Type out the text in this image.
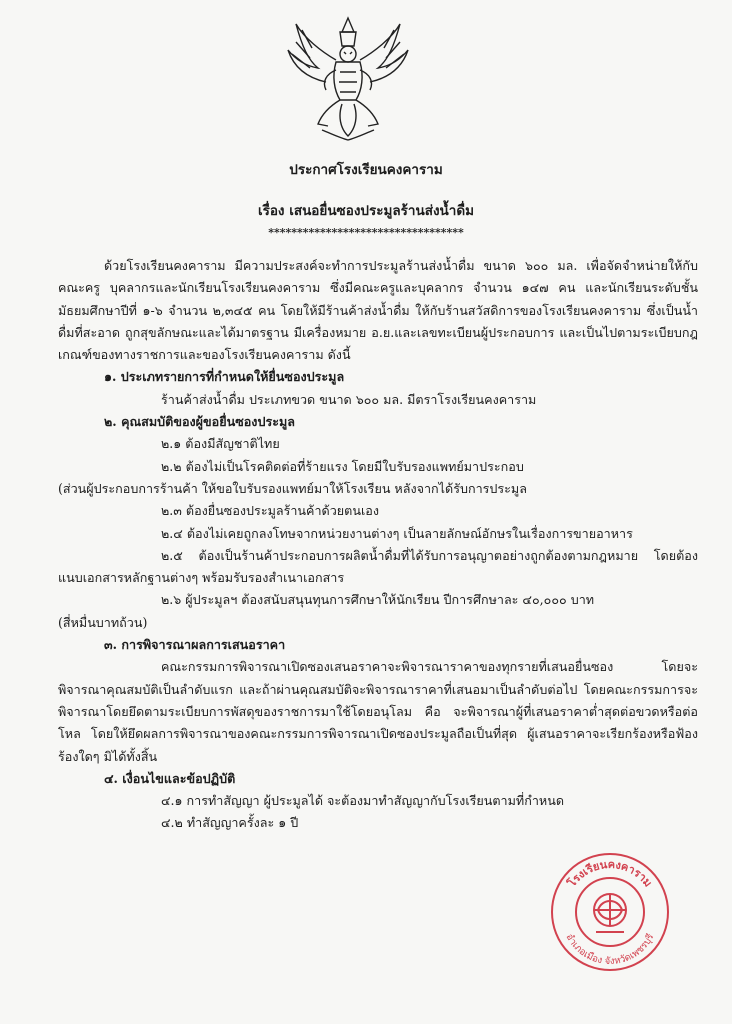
ประกาศโรงเรียนคงคาราม
เรื่อง เสนอยื่นซองประมูลร้านส่งน้ำดื่ม
**********************************

ด้วยโรงเรียนคงคาราม มีความประสงค์จะทำการประมูลร้านส่งน้ำดื่ม ขนาด ๖๐๐ มล. เพื่อจัดจำหน่ายให้กับคณะครู บุคลากรและนักเรียนโรงเรียนคงคาราม ซึ่งมีคณะครูและบุคลากร จำนวน ๑๔๗ คน และนักเรียนระดับชั้นมัธยมศึกษาปีที่ ๑-๖ จำนวน ๒,๓๔๕ คน โดยให้มีร้านค้าส่งน้ำดื่ม ให้กับร้านสวัสดิการของโรงเรียนคงคาราม ซึ่งเป็นน้ำดื่มที่สะอาด ถูกสุขลักษณะและได้มาตรฐาน มีเครื่องหมาย อ.ย.และเลขทะเบียนผู้ประกอบการ และเป็นไปตามระเบียบกฎเกณฑ์ของทางราชการและของโรงเรียนคงคาราม ดังนี้

๑. ประเภทรายการที่กำหนดให้ยื่นซองประมูล

ร้านค้าส่งน้ำดื่ม ประเภทขวด ขนาด ๖๐๐ มล. มีตราโรงเรียนคงคาราม

๒. คุณสมบัติของผู้ขอยื่นซองประมูล

๒.๑ ต้องมีสัญชาติไทย

๒.๒ ต้องไม่เป็นโรคติดต่อที่ร้ายแรง โดยมีใบรับรองแพทย์มาประกอบ

(ส่วนผู้ประกอบการร้านค้า ให้ขอใบรับรองแพทย์มาให้โรงเรียน หลังจากได้รับการประมูล

๒.๓ ต้องยื่นซองประมูลร้านค้าด้วยตนเอง

๒.๔ ต้องไม่เคยถูกลงโทษจากหน่วยงานต่างๆ เป็นลายลักษณ์อักษรในเรื่องการขายอาหาร

๒.๕ ต้องเป็นร้านค้าประกอบการผลิตน้ำดื่มที่ได้รับการอนุญาตอย่างถูกต้องตามกฎหมาย โดยต้องแนบเอกสารหลักฐานต่างๆ พร้อมรับรองสำเนาเอกสาร

๒.๖ ผู้ประมูลฯ ต้องสนับสนุนทุนการศึกษาให้นักเรียน ปีการศึกษาละ ๔๐,๐๐๐ บาท

(สี่หมื่นบาทถ้วน)

๓. การพิจารณาผลการเสนอราคา

คณะกรรมการพิจารณาเปิดซองเสนอราคาจะพิจารณาราคาของทุกรายที่เสนอยื่นซอง โดยจะพิจารณาคุณสมบัติเป็นลำดับแรก และถ้าผ่านคุณสมบัติจะพิจารณาราคาที่เสนอมาเป็นลำดับต่อไป โดยคณะกรรมการจะพิจารณาโดยยึดตามระเบียบการพัสดุของราชการมาใช้โดยอนุโลม คือ จะพิจารณาผู้ที่เสนอราคาต่ำสุดต่อขวดหรือต่อโหล โดยให้ยึดผลการพิจารณาของคณะกรรมการพิจารณาเปิดซองประมูลถือเป็นที่สุด ผู้เสนอราคาจะเรียกร้องหรือฟ้องร้องใดๆ มิได้ทั้งสิ้น

๔. เงื่อนไขและข้อปฏิบัติ

๔.๑ การทำสัญญา ผู้ประมูลได้ จะต้องมาทำสัญญากับโรงเรียนตามที่กำหนด

๔.๒ ทำสัญญาครั้งละ ๑ ปี

โรงเรียนคงคาราม
อำเภอเมือง จังหวัดเพชรบุรี
